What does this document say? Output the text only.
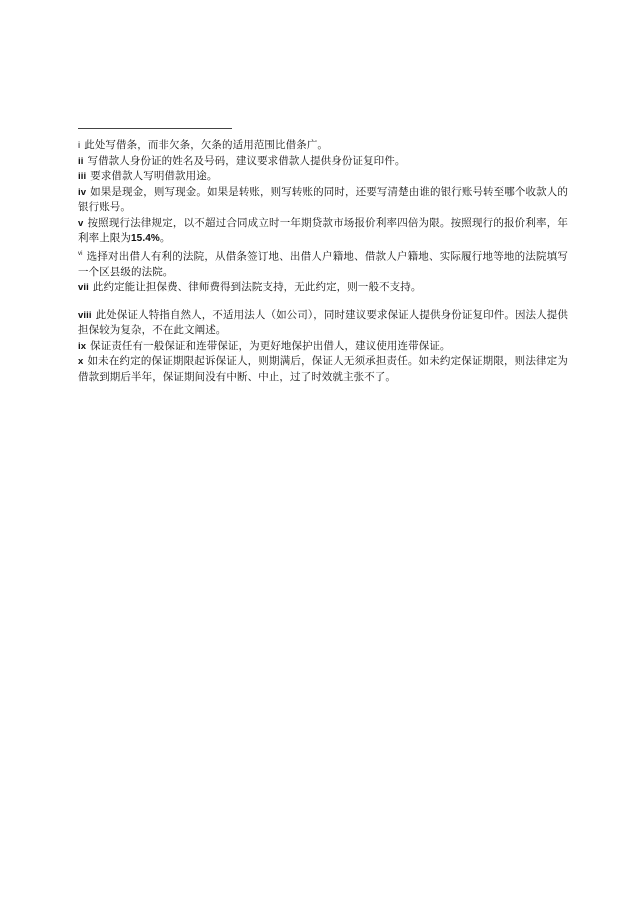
i 此处写借条，而非欠条，欠条的适用范围比借条广。

ii 写借款人身份证的姓名及号码，建议要求借款人提供身份证复印件。

iii 要求借款人写明借款用途。

iv 如果是现金，则写现金。如果是转账，则写转账的同时，还要写清楚由谁的银行账号转至哪个收款人的银行账号。

v 按照现行法律规定，以不超过合同成立时一年期贷款市场报价利率四倍为限。按照现行的报价利率，年利率上限为15.4%。

$^{vi}$ 选择对出借人有利的法院，从借条签订地、出借人户籍地、借款人户籍地、实际履行地等地的法院填写一个区县级的法院。

vii 此约定能让担保费、律师费得到法院支持，无此约定，则一般不支持。

viii 此处保证人特指自然人，不适用法人（如公司），同时建议要求保证人提供身份证复印件。因法人提供担保较为复杂，不在此文阐述。

ix 保证责任有一般保证和连带保证，为更好地保护出借人，建议使用连带保证。

x 如未在约定的保证期限起诉保证人，则期满后，保证人无须承担责任。如未约定保证期限，则法律定为借款到期后半年，保证期间没有中断、中止，过了时效就主张不了。
